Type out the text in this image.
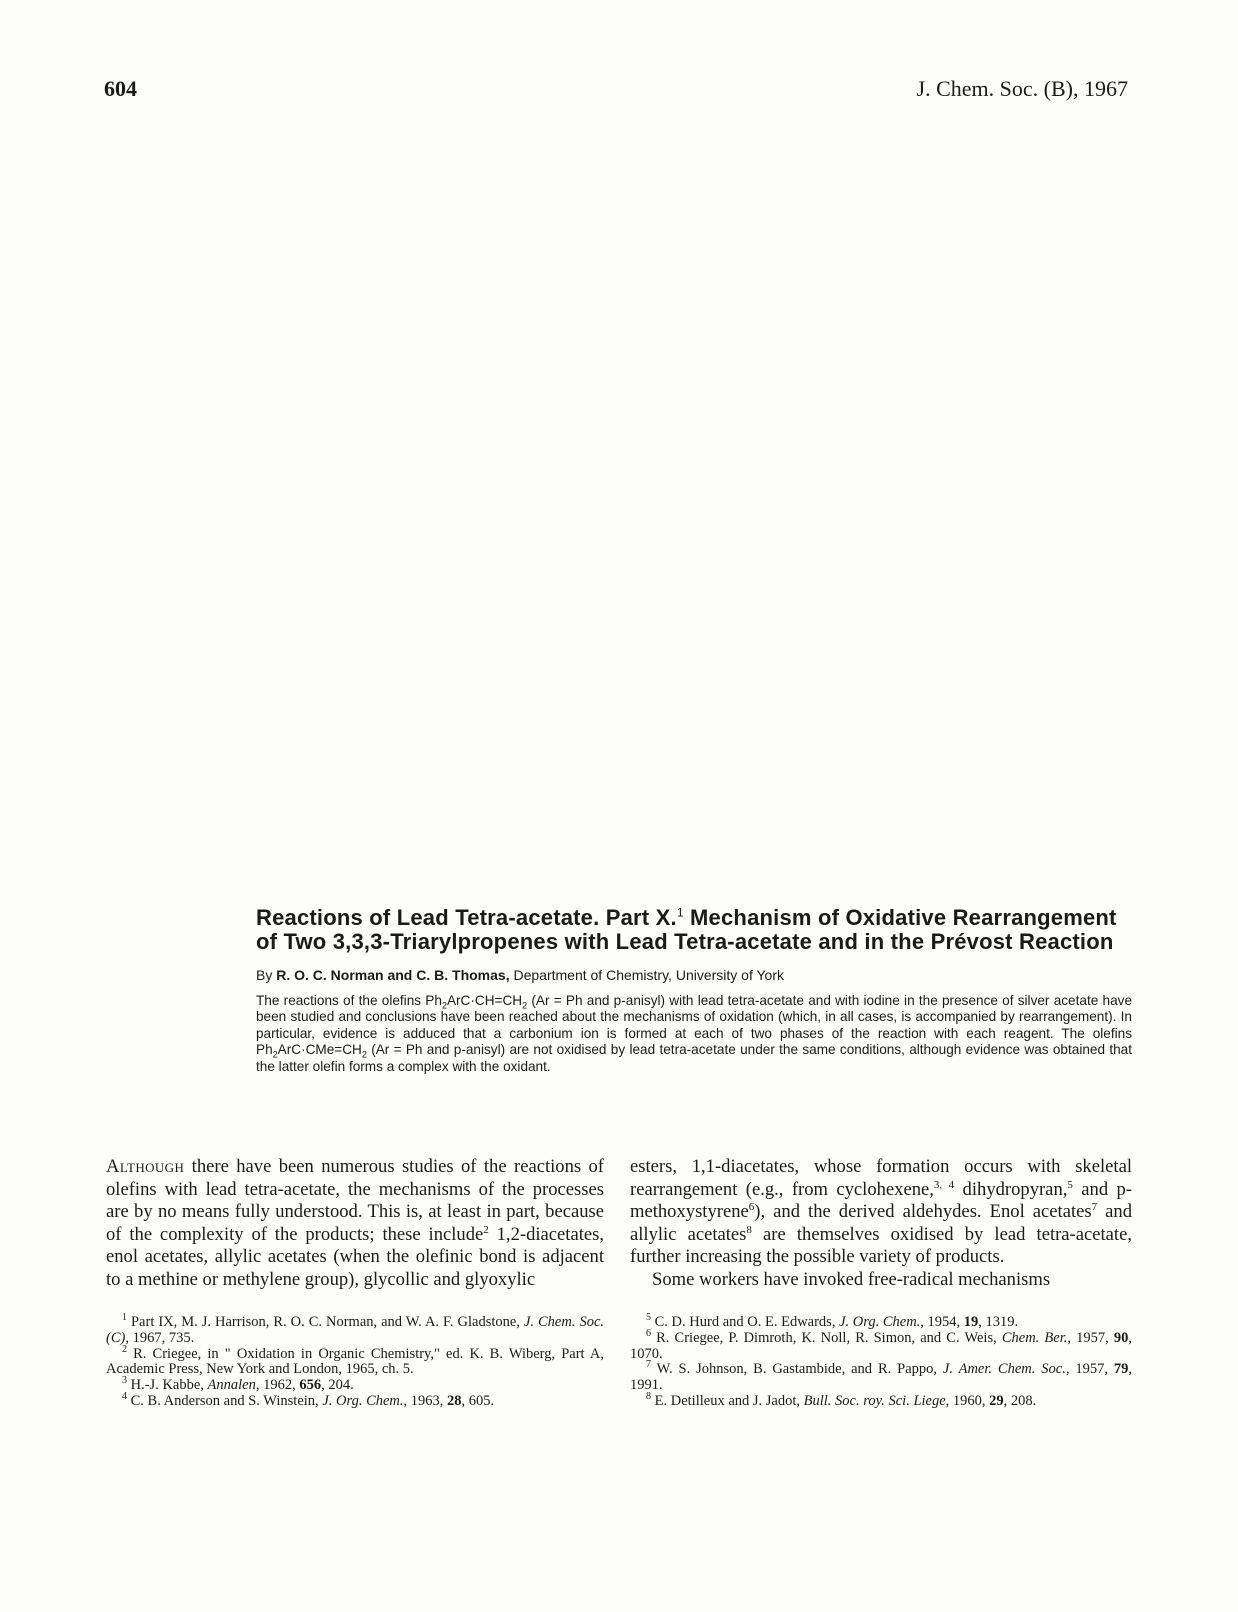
604	J. Chem. Soc. (B), 1967
Reactions of Lead Tetra-acetate. Part X.$^1$ Mechanism of Oxidative Rearrangement of Two 3,3,3-Triarylpropenes with Lead Tetra-acetate and in the Prévost Reaction
By R. O. C. Norman and C. B. Thomas, Department of Chemistry, University of York
The reactions of the olefins $Ph_2ArC\cdot CH=CH_2$ (Ar = Ph and p-anisyl) with lead tetra-acetate and with iodine in the presence of silver acetate have been studied and conclusions have been reached about the mechanisms of oxidation (which, in all cases, is accompanied by rearrangement). In particular, evidence is adduced that a carbonium ion is formed at each of two phases of the reaction with each reagent. The olefins $Ph_2ArC\cdot CMe=CH_2$ (Ar = Ph and p-anisyl) are not oxidised by lead tetra-acetate under the same conditions, although evidence was obtained that the latter olefin forms a complex with the oxidant.

Although there have been numerous studies of the reactions of olefins with lead tetra-acetate, the mechanisms of the processes are by no means fully understood. This is, at least in part, because of the complexity of the products; these include$^2$ 1,2-diacetates, enol acetates, allylic acetates (when the olefinic bond is adjacent to a methine or methylene group), glycollic and glyoxylic

esters, 1,1-diacetates, whose formation occurs with skeletal rearrangement (e.g., from cyclohexene,$^{3, 4}$ dihydropyran,$^5$ and p-methoxystyrene$^6$), and the derived aldehydes. Enol acetates$^7$ and allylic acetates$^8$ are themselves oxidised by lead tetra-acetate, further increasing the possible variety of products.

Some workers have invoked free-radical mechanisms

$^1$ Part IX, M. J. Harrison, R. O. C. Norman, and W. A. F. Gladstone, J. Chem. Soc. (C), 1967, 735.

$^2$ R. Criegee, in " Oxidation in Organic Chemistry," ed. K. B. Wiberg, Part A, Academic Press, New York and London, 1965, ch. 5.

$^3$ H.-J. Kabbe, Annalen, 1962, 656, 204.

$^4$ C. B. Anderson and S. Winstein, J. Org. Chem., 1963, 28, 605.

$^5$ C. D. Hurd and O. E. Edwards, J. Org. Chem., 1954, 19, 1319.

$^6$ R. Criegee, P. Dimroth, K. Noll, R. Simon, and C. Weis, Chem. Ber., 1957, 90, 1070.

$^7$ W. S. Johnson, B. Gastambide, and R. Pappo, J. Amer. Chem. Soc., 1957, 79, 1991.

$^8$ E. Detilleux and J. Jadot, Bull. Soc. roy. Sci. Liege, 1960, 29, 208.
